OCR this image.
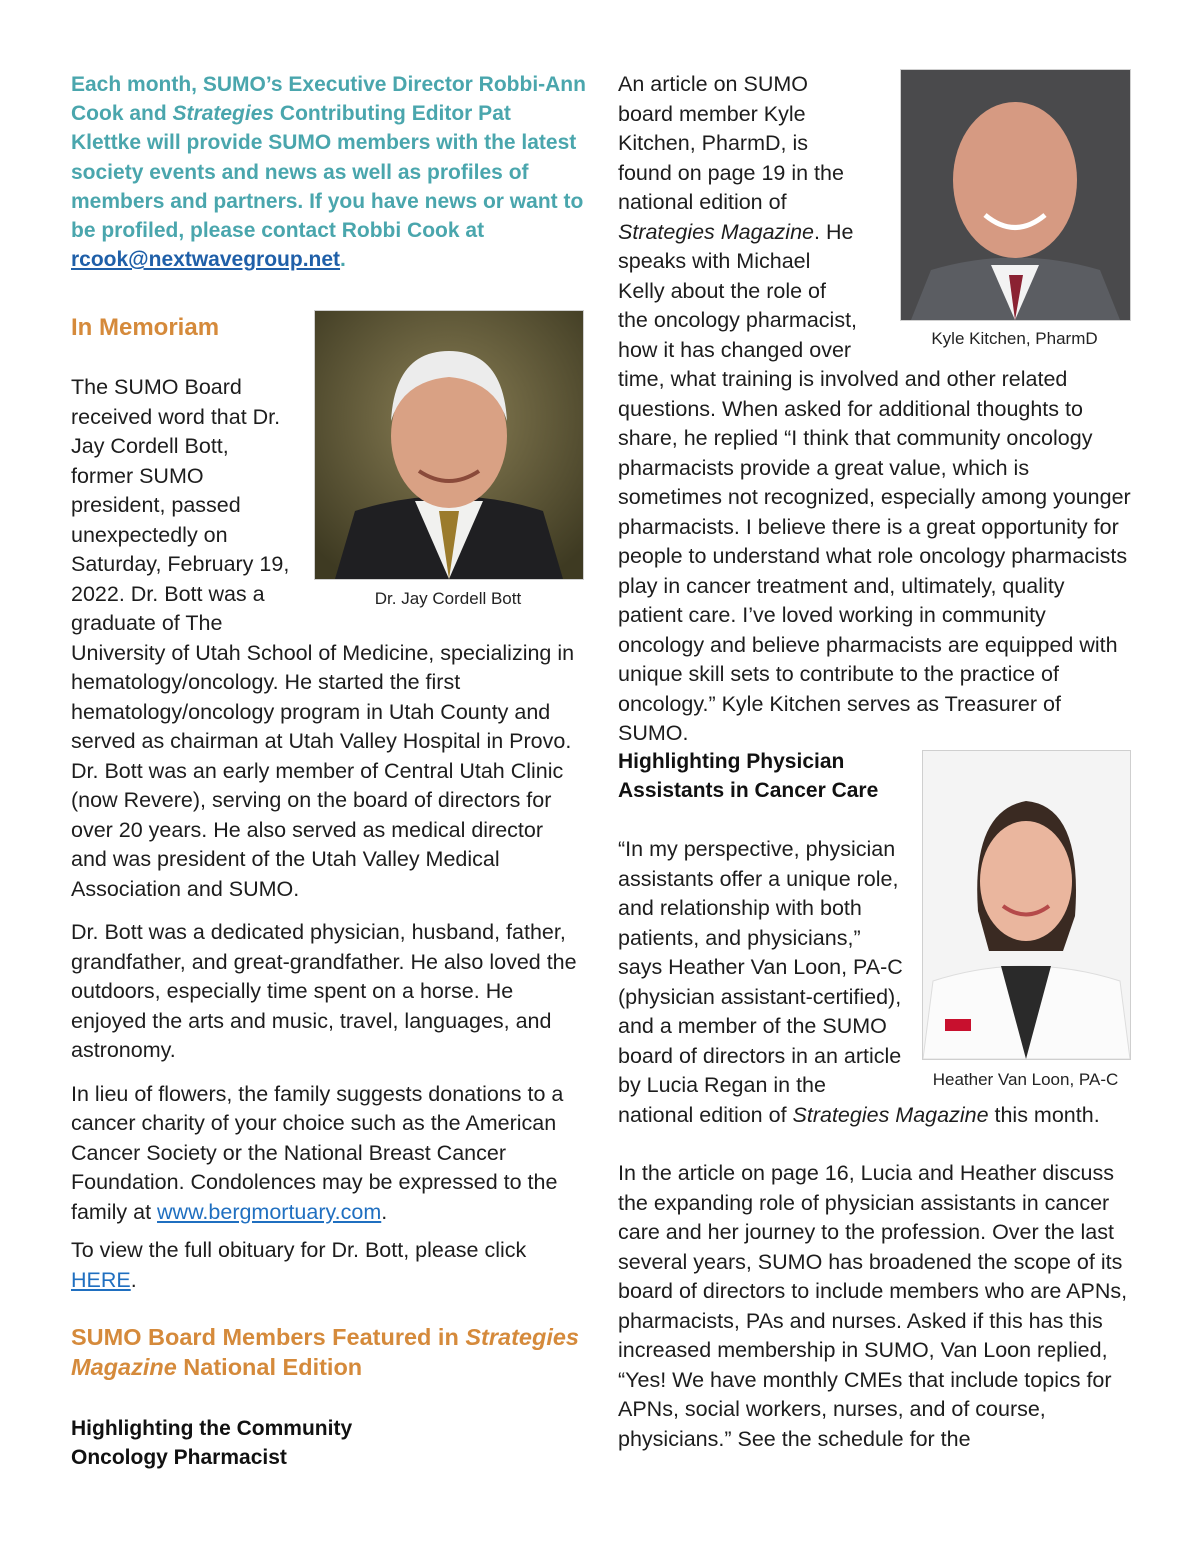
Each month, SUMO’s Executive Director Robbi-Ann Cook and Strategies Contributing Editor Pat Klettke will provide SUMO members with the latest society events and news as well as profiles of members and partners. If you have news or want to be profiled, please contact Robbi Cook at rcook@nextwavegroup.net.
In Memoriam
Dr. Jay Cordell Bott

The SUMO Board received word that Dr. Jay Cordell Bott, former SUMO president, passed unexpectedly on Saturday, February 19, 2022. Dr. Bott was a graduate of The University of Utah School of Medicine, specializing in hematology/oncology. He started the first hematology/oncology program in Utah County and served as chairman at Utah Valley Hospital in Provo. Dr. Bott was an early member of Central Utah Clinic (now Revere), serving on the board of directors for over 20 years. He also served as medical director and was president of the Utah Valley Medical Association and SUMO.

Dr. Bott was a dedicated physician, husband, father, grandfather, and great-grandfather. He also loved the outdoors, especially time spent on a horse. He enjoyed the arts and music, travel, languages, and astronomy.

In lieu of flowers, the family suggests donations to a cancer charity of your choice such as the American Cancer Society or the National Breast Cancer Foundation. Condolences may be expressed to the family at www.bergmortuary.com.

To view the full obituary for Dr. Bott, please click HERE.

SUMO Board Members Featured in Strategies Magazine National Edition
Highlighting the Community Oncology Pharmacist
Kyle Kitchen, PharmD

An article on SUMO board member Kyle Kitchen, PharmD, is found on page 19 in the national edition of Strategies Magazine. He speaks with Michael Kelly about the role of the oncology pharmacist, how it has changed over time, what training is involved and other related questions. When asked for additional thoughts to share, he replied “I think that community oncology pharmacists provide a great value, which is sometimes not recognized, especially among younger pharmacists. I believe there is a great opportunity for people to understand what role oncology pharmacists play in cancer treatment and, ultimately, quality patient care. I’ve loved working in community oncology and believe pharmacists are equipped with unique skill sets to contribute to the practice of oncology.” Kyle Kitchen serves as Treasurer of SUMO.

Highlighting Physician Assistants in Cancer Care
Heather Van Loon, PA-C

“In my perspective, physician assistants offer a unique role, and relationship with both patients, and physicians,” says Heather Van Loon, PA-C (physician assistant-certified), and a member of the SUMO board of directors in an article by Lucia Regan in the national edition of Strategies Magazine this month.

In the article on page 16, Lucia and Heather discuss the expanding role of physician assistants in cancer care and her journey to the profession. Over the last several years, SUMO has broadened the scope of its board of directors to include members who are APNs, pharmacists, PAs and nurses. Asked if this has this increased membership in SUMO, Van Loon replied, “Yes! We have monthly CMEs that include topics for APNs, social workers, nurses, and of course, physicians.” See the schedule for the
